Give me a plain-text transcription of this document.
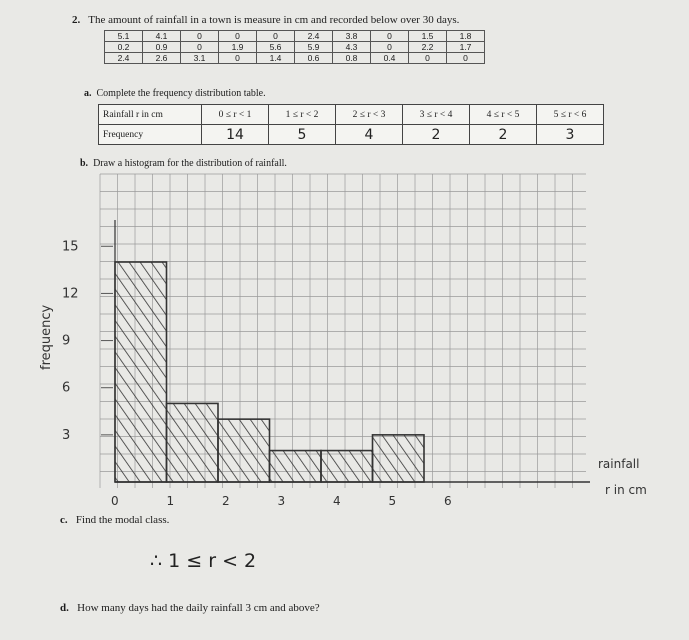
2. The amount of rainfall in a town is measure in cm and recorded below over 30 days.
5.1	4.1	0	0	0	2.4	3.8	0	1.5	1.8
0.2	0.9	0	1.9	5.6	5.9	4.3	0	2.2	1.7
2.4	2.6	3.1	0	1.4	0.6	0.8	0.4	0	0
a. Complete the frequency distribution table.
Rainfall r in cm	0 ≤ r < 1	1 ≤ r < 2	2 ≤ r < 3	3 ≤ r < 4	4 ≤ r < 5	5 ≤ r < 6
Frequency	14	5	4	2	2	3
b. Draw a histogram for the distribution of rainfall.
0	1	2	3	4	5	6
3
6
9
12
15
frequency
rainfall
r in cm
c. Find the modal class.
∴ 1 ≤ r < 2
d. How many days had the daily rainfall 3 cm and above?
